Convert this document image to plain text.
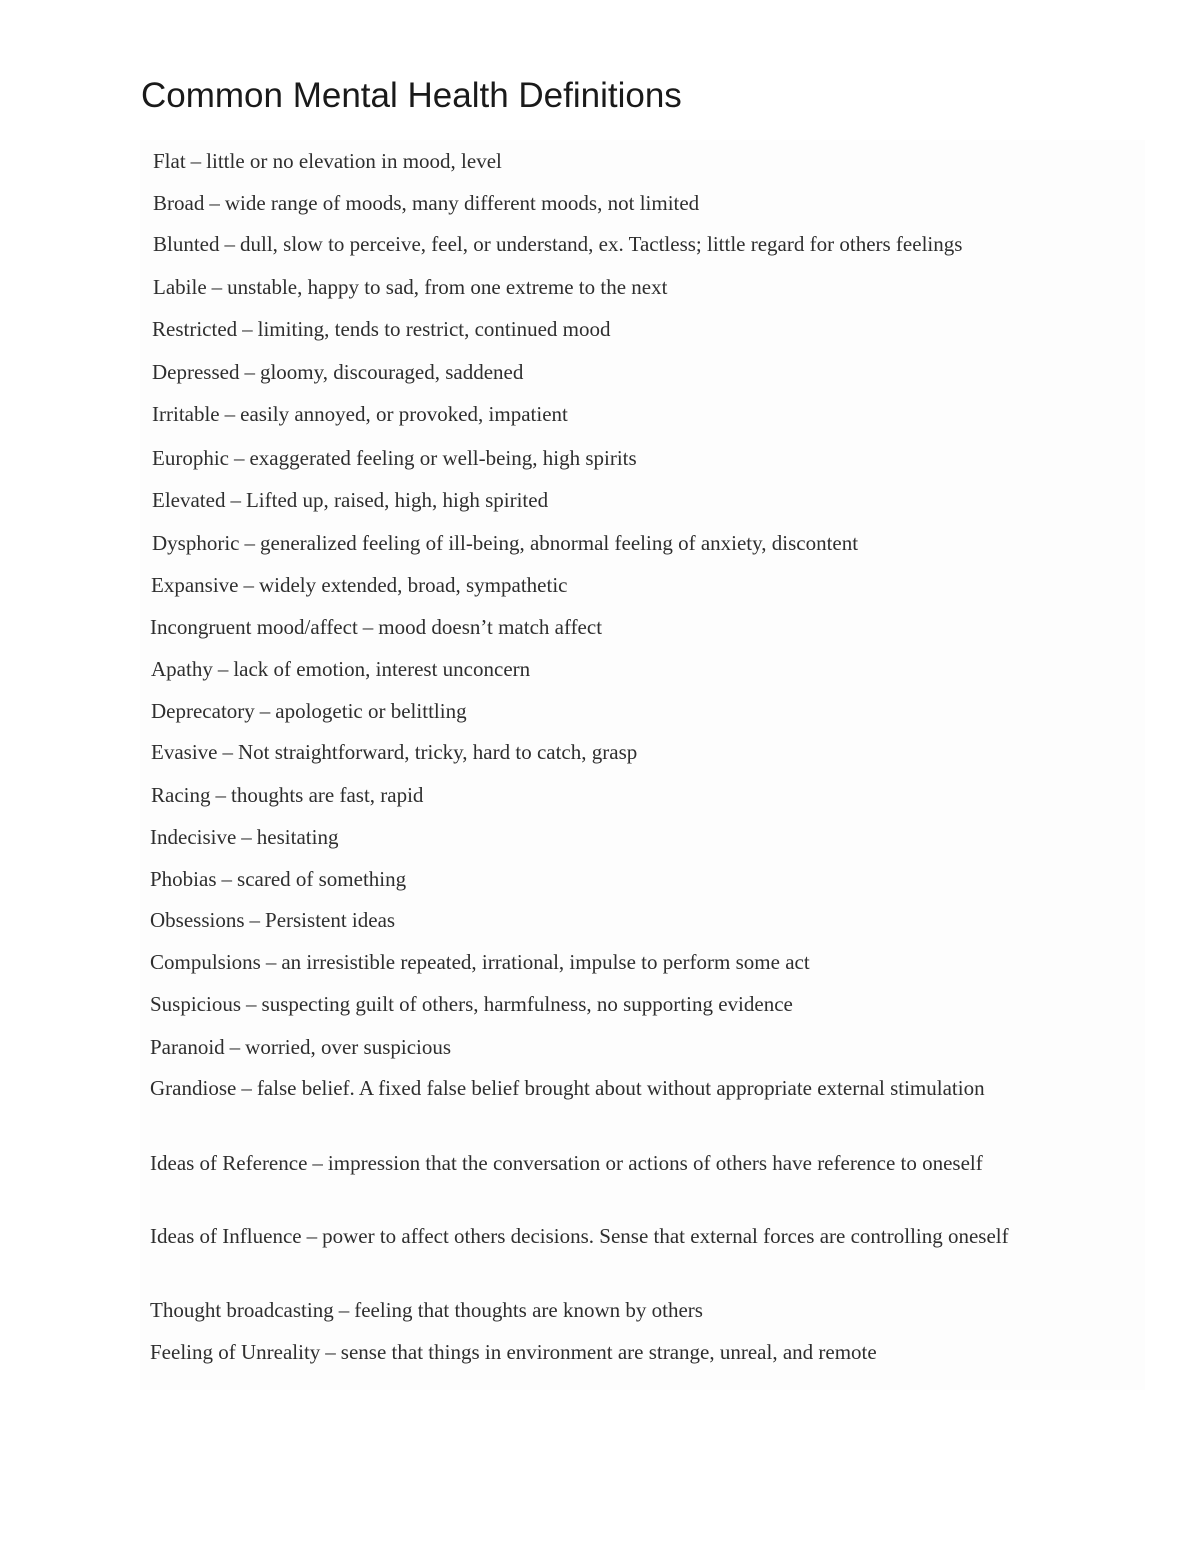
Common Mental Health Definitions
Flat – little or no elevation in mood, level
Broad – wide range of moods, many different moods, not limited
Blunted – dull, slow to perceive, feel, or understand, ex. Tactless; little regard for others feelings
Labile – unstable, happy to sad, from one extreme to the next
Restricted – limiting, tends to restrict, continued mood
Depressed – gloomy, discouraged, saddened
Irritable – easily annoyed, or provoked, impatient
Europhic – exaggerated feeling or well-being, high spirits
Elevated – Lifted up, raised, high, high spirited
Dysphoric – generalized feeling of ill-being, abnormal feeling of anxiety, discontent
Expansive – widely extended, broad, sympathetic
Incongruent mood/affect – mood doesn’t match affect
Apathy – lack of emotion, interest unconcern
Deprecatory – apologetic or belittling
Evasive – Not straightforward, tricky, hard to catch, grasp
Racing – thoughts are fast, rapid
Indecisive – hesitating
Phobias – scared of something
Obsessions – Persistent ideas
Compulsions – an irresistible repeated, irrational, impulse to perform some act
Suspicious – suspecting guilt of others, harmfulness, no supporting evidence
Paranoid – worried, over suspicious
Grandiose – false belief. A fixed false belief brought about without appropriate external stimulation
Ideas of Reference – impression that the conversation or actions of others have reference to oneself
Ideas of Influence – power to affect others decisions. Sense that external forces are controlling oneself
Thought broadcasting – feeling that thoughts are known by others
Feeling of Unreality – sense that things in environment are strange, unreal, and remote
